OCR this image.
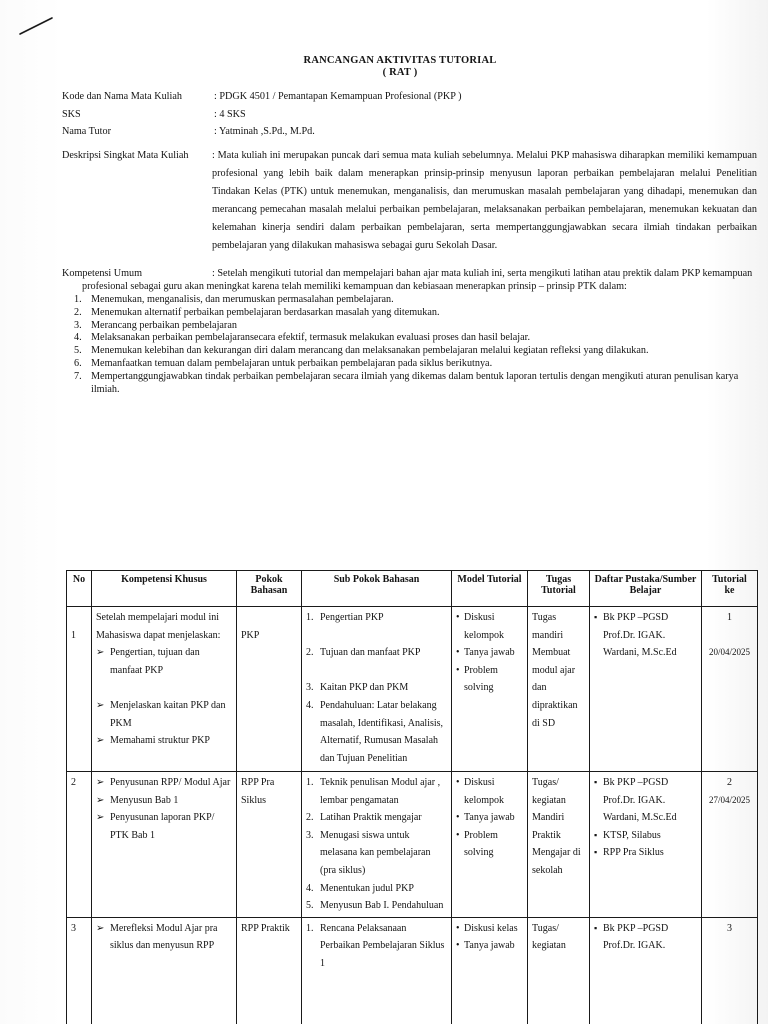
RANCANGAN AKTIVITAS TUTORIAL
( RAT )
Kode dan Nama Mata Kuliah	: PDGK 4501 / Pemantapan Kemampuan Profesional (PKP )
SKS	: 4 SKS
Nama Tutor	: Yatminah ,S.Pd., M.Pd.
Deskripsi Singkat Mata Kuliah : Mata kuliah ini merupakan puncak dari semua mata kuliah sebelumnya. Melalui PKP mahasiswa diharapkan memiliki kemampuan profesional yang lebih baik dalam menerapkan prinsip-prinsip menyusun laporan perbaikan pembelajaran melalui Penelitian Tindakan Kelas (PTK) untuk menemukan, menganalisis, dan merumuskan masalah pembelajaran yang dihadapi, menemukan dan merancang pemecahan masalah melalui perbaikan pembelajaran, melaksanakan perbaikan pembelajaran, menemukan kekuatan dan kelemahan kinerja sendiri dalam perbaikan pembelajaran, serta mempertanggungjawabkan secara ilmiah tindakan perbaikan pembelajaran yang dilakukan mahasiswa sebagai guru Sekolah Dasar.
Kompetensi Umum	: Setelah mengikuti tutorial dan mempelajari bahan ajar mata kuliah ini, serta mengikuti latihan atau prektik dalam PKP kemampuan
profesional sebagai guru akan meningkat karena telah memiliki kemampuan dan kebiasaan menerapkan prinsip – prinsip PTK dalam:
1. Menemukan, menganalisis, dan merumuskan permasalahan pembelajaran.
2. Menemukan alternatif perbaikan pembelajaran berdasarkan masalah yang ditemukan.
3. Merancang perbaikan pembelajaran
4. Melaksanakan perbaikan pembelajaransecara efektif, termasuk melakukan evaluasi proses dan hasil belajar.
5. Menemukan kelebihan dan kekurangan diri dalam merancang dan melaksanakan pembelajaran melalui kegiatan refleksi yang dilakukan.
6. Memanfaatkan temuan dalam pembelajaran untuk perbaikan pembelajaran pada siklus berikutnya.
7. Mempertanggungjawabkan tindak perbaikan pembelajaran secara ilmiah yang dikemas dalam bentuk laporan tertulis dengan mengikuti aturan penulisan karya ilmiah.
No	Kompetensi Khusus	Pokok Bahasan	Sub Pokok Bahasan	Model Tutorial	Tugas Tutorial	Daftar Pustaka/Sumber Belajar	Tutorial ke

1	Setelah mempelajari modul ini Mahasiswa dapat menjelaskan:
➢ Pengertian, tujuan dan manfaat PKP
➢ Menjelaskan kaitan PKP dan PKM
➢ Memahami struktur PKP	PKP	1. Pengertian PKP
2. Tujuan dan manfaat PKP
3. Kaitan PKP dan PKM
4. Pendahuluan: Latar belakang masalah, Identifikasi, Analisis, Alternatif, Rumusan Masalah dan Tujuan Penelitian	• Diskusi kelompok
• Tanya jawab
• Problem solving	Tugas mandiri Membuat modul ajar dan dipraktikan di SD	▪ Bk PKP –PGSD Prof.Dr. IGAK. Wardani, M.Sc.Ed	1
20/04/2025

2	➢ Penyusunan RPP/ Modul Ajar
➢ Menyusun Bab 1
➢ Penyusunan laporan PKP/ PTK Bab 1	RPP Pra Siklus	1. Teknik penulisan Modul ajar , lembar pengamatan
2. Latihan Praktik mengajar
3. Menugasi siswa untuk melasana kan pembelajaran (pra siklus)
4. Menentukan judul PKP
5. Menyusun Bab I. Pendahuluan	• Diskusi kelompok
• Tanya jawab
• Problem solving	Tugas/ kegiatan Mandiri Praktik Mengajar di sekolah	▪ Bk PKP –PGSD Prof.Dr. IGAK. Wardani, M.Sc.Ed
▪ KTSP, Silabus
▪ RPP Pra Siklus	2
27/04/2025

3	➢ Merefleksi Modul Ajar pra siklus dan menyusun RPP	RPP Praktik	1. Rencana Pelaksanaan Perbaikan Pembelajaran Siklus 1	• Diskusi kelas
• Tanya jawab	Tugas/ kegiatan	▪ Bk PKP –PGSD Prof.Dr. IGAK.	3
